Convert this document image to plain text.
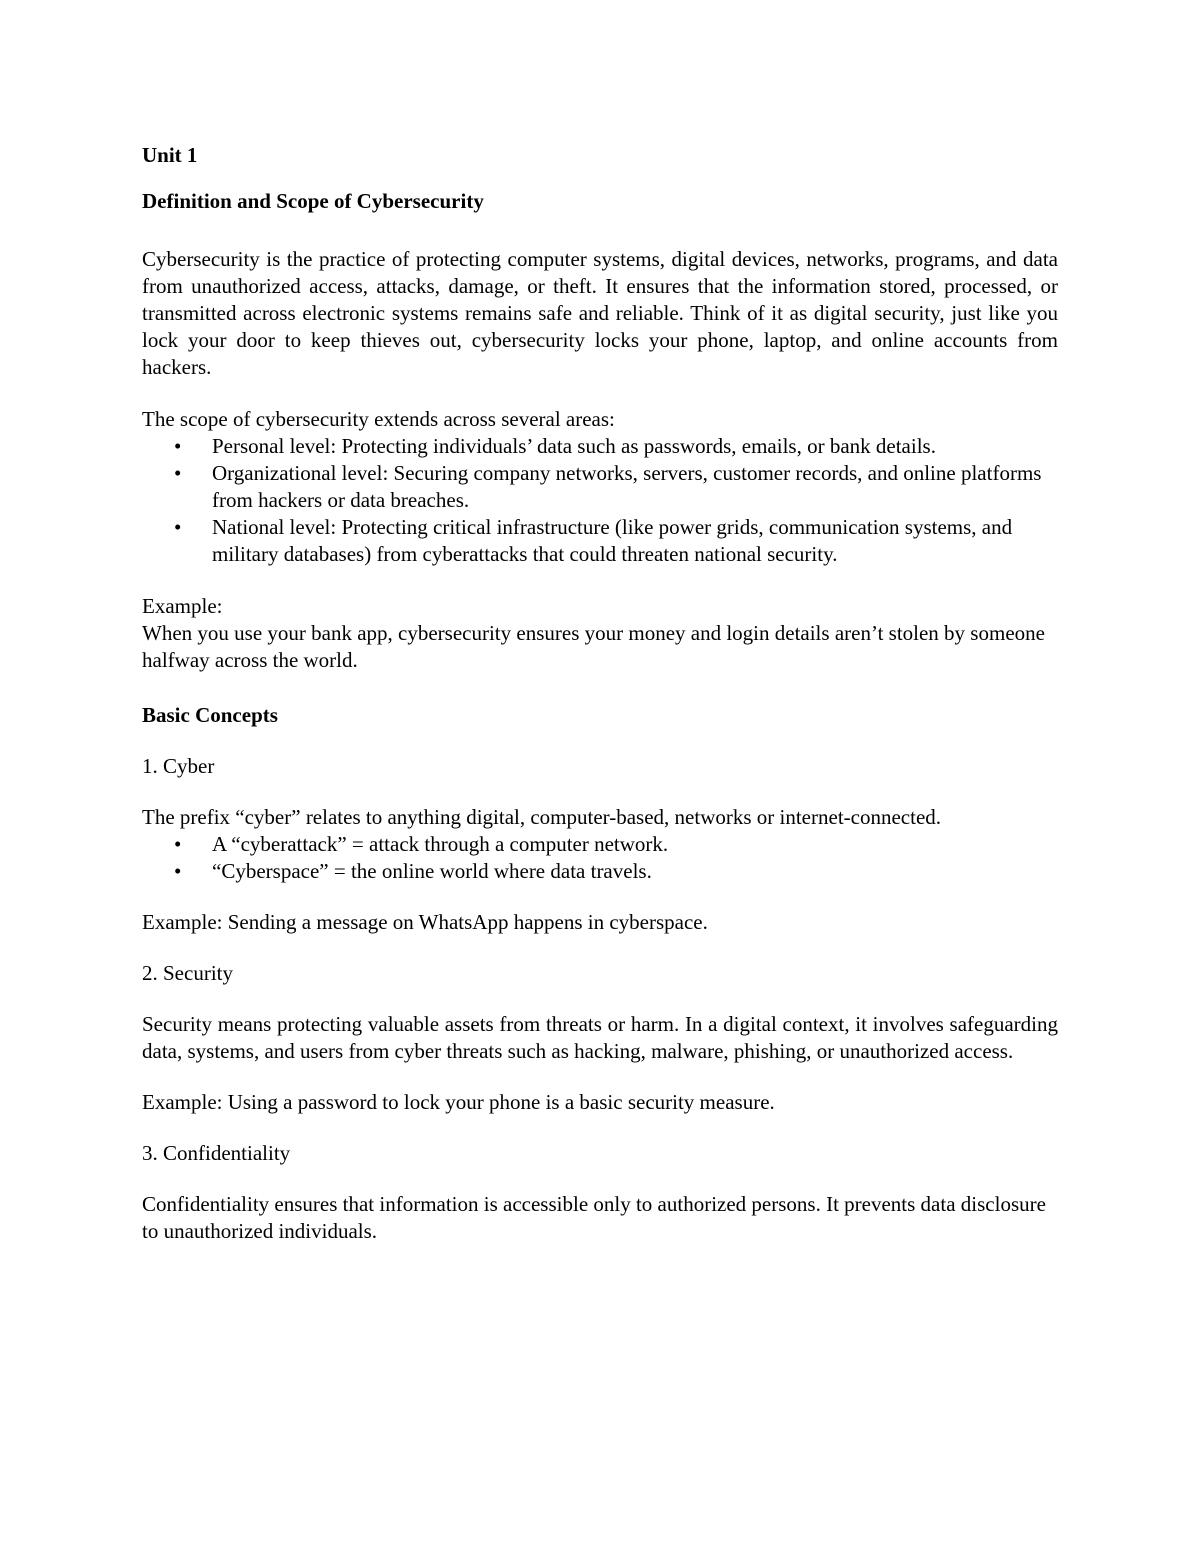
Unit 1

Definition and Scope of Cybersecurity

Cybersecurity is the practice of protecting computer systems, digital devices, networks, programs, and data from unauthorized access, attacks, damage, or theft. It ensures that the information stored, processed, or transmitted across electronic systems remains safe and reliable. Think of it as digital security, just like you lock your door to keep thieves out, cybersecurity locks your phone, laptop, and online accounts from hackers.

The scope of cybersecurity extends across several areas:

•	Personal level: Protecting individuals’ data such as passwords, emails, or bank details.
•	Organizational level: Securing company networks, servers, customer records, and online platforms from hackers or data breaches.
•	National level: Protecting critical infrastructure (like power grids, communication systems, and military databases) from cyberattacks that could threaten national security.

Example:

When you use your bank app, cybersecurity ensures your money and login details aren’t stolen by someone halfway across the world.

Basic Concepts

1. Cyber

The prefix “cyber” relates to anything digital, computer-based, networks or internet-connected.

•	A “cyberattack” = attack through a computer network.
•	“Cyberspace” = the online world where data travels.

Example: Sending a message on WhatsApp happens in cyberspace.

2. Security

Security means protecting valuable assets from threats or harm. In a digital context, it involves safeguarding data, systems, and users from cyber threats such as hacking, malware, phishing, or unauthorized access.

Example: Using a password to lock your phone is a basic security measure.

3. Confidentiality

Confidentiality ensures that information is accessible only to authorized persons. It prevents data disclosure to unauthorized individuals.
